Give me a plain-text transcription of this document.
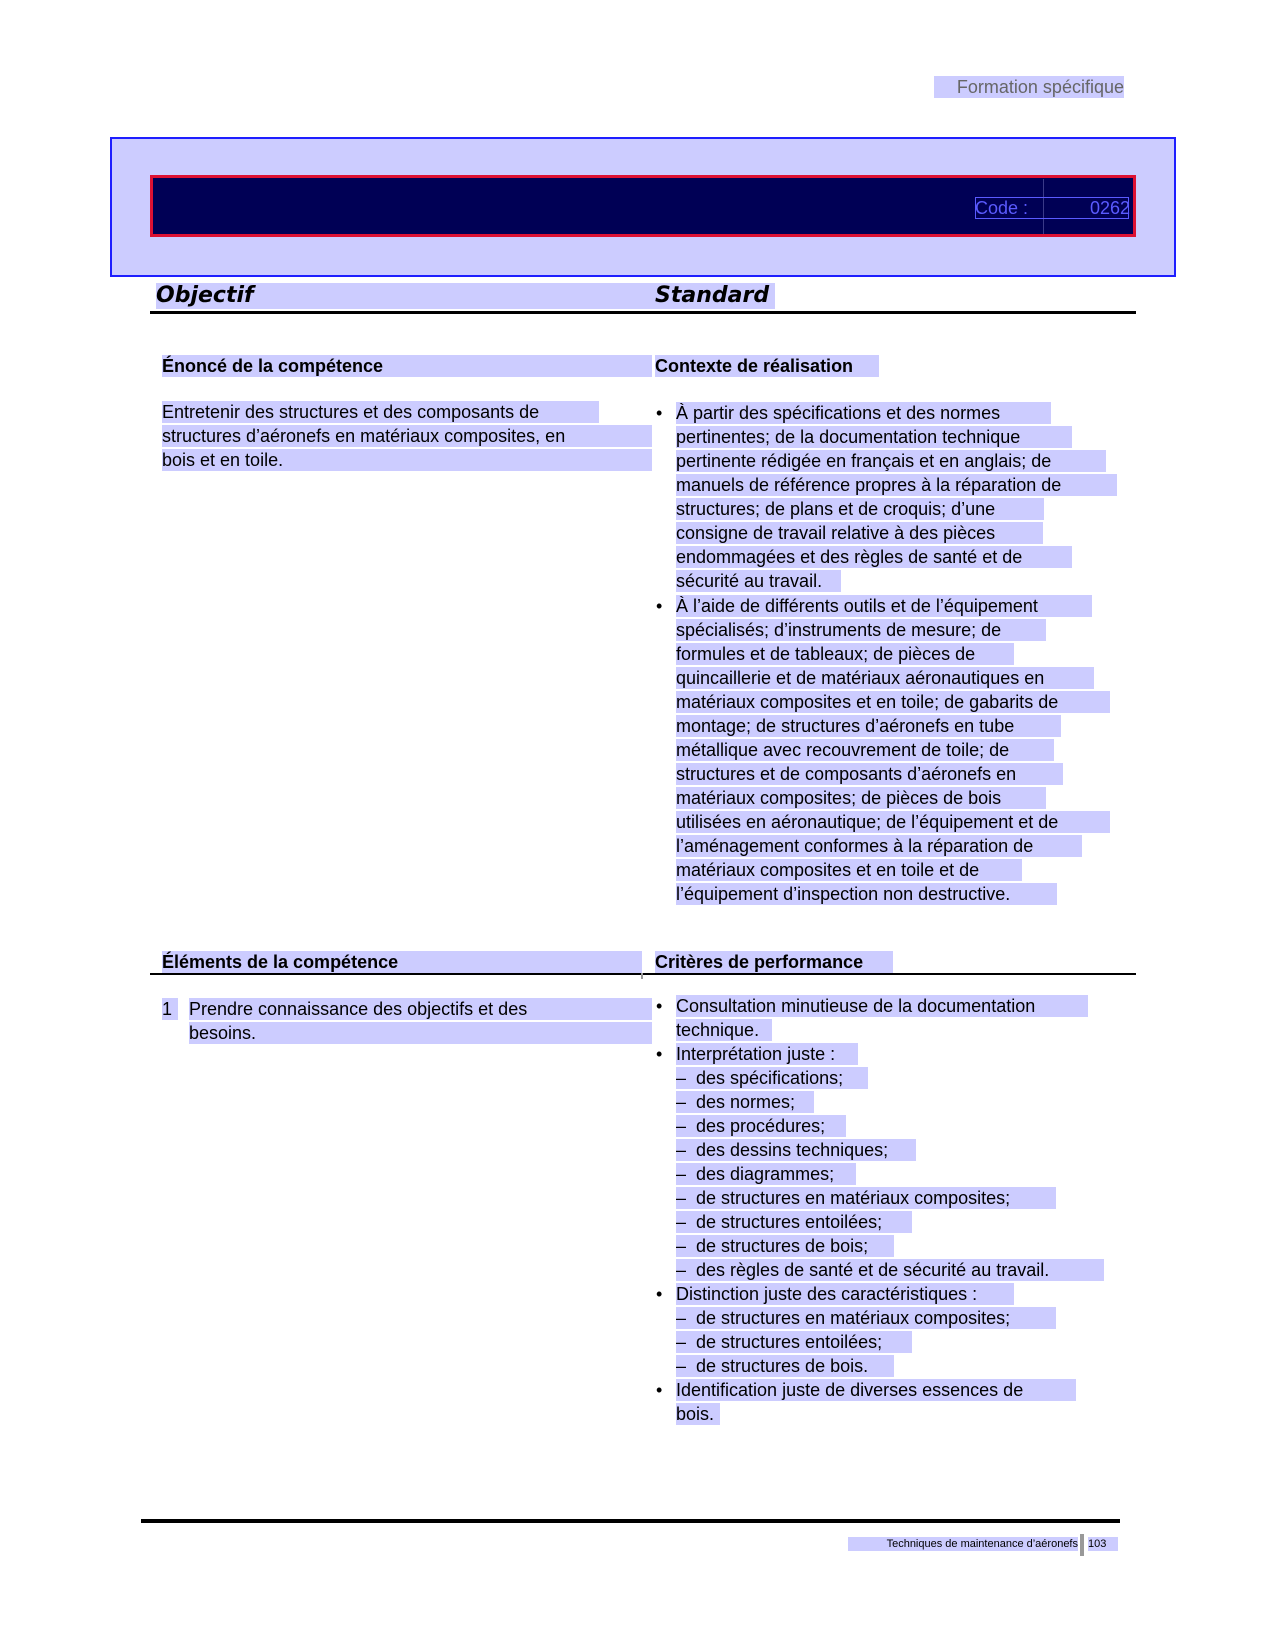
Formation spécifique
Code :	0262
Objectif	Standard
Énoncé de la compétence	Contexte de réalisation
Entretenir des structures et des composants de
structures d’aéronefs en matériaux composites, en
bois et en toile.
• À partir des spécifications et des normes
pertinentes; de la documentation technique
pertinente rédigée en français et en anglais; de
manuels de référence propres à la réparation de
structures; de plans et de croquis; d’une
consigne de travail relative à des pièces
endommagées et des règles de santé et de
sécurité au travail.
• À l’aide de différents outils et de l’équipement
spécialisés; d’instruments de mesure; de
formules et de tableaux; de pièces de
quincaillerie et de matériaux aéronautiques en
matériaux composites et en toile; de gabarits de
montage; de structures d’aéronefs en tube
métallique avec recouvrement de toile; de
structures et de composants d’aéronefs en
matériaux composites; de pièces de bois
utilisées en aéronautique; de l’équipement et de
l’aménagement conformes à la réparation de
matériaux composites et en toile et de
l’équipement d’inspection non destructive.
Éléments de la compétence	Critères de performance
1 Prendre connaissance des objectifs et des
besoins.
• Consultation minutieuse de la documentation
technique.
• Interprétation juste :
–  des spécifications;
–  des normes;
–  des procédures;
–  des dessins techniques;
–  des diagrammes;
–  de structures en matériaux composites;
–  de structures entoilées;
–  de structures de bois;
–  des règles de santé et de sécurité au travail.
• Distinction juste des caractéristiques :
–  de structures en matériaux composites;
–  de structures entoilées;
–  de structures de bois.
• Identification juste de diverses essences de
bois.
Techniques de maintenance d’aéronefs 103
